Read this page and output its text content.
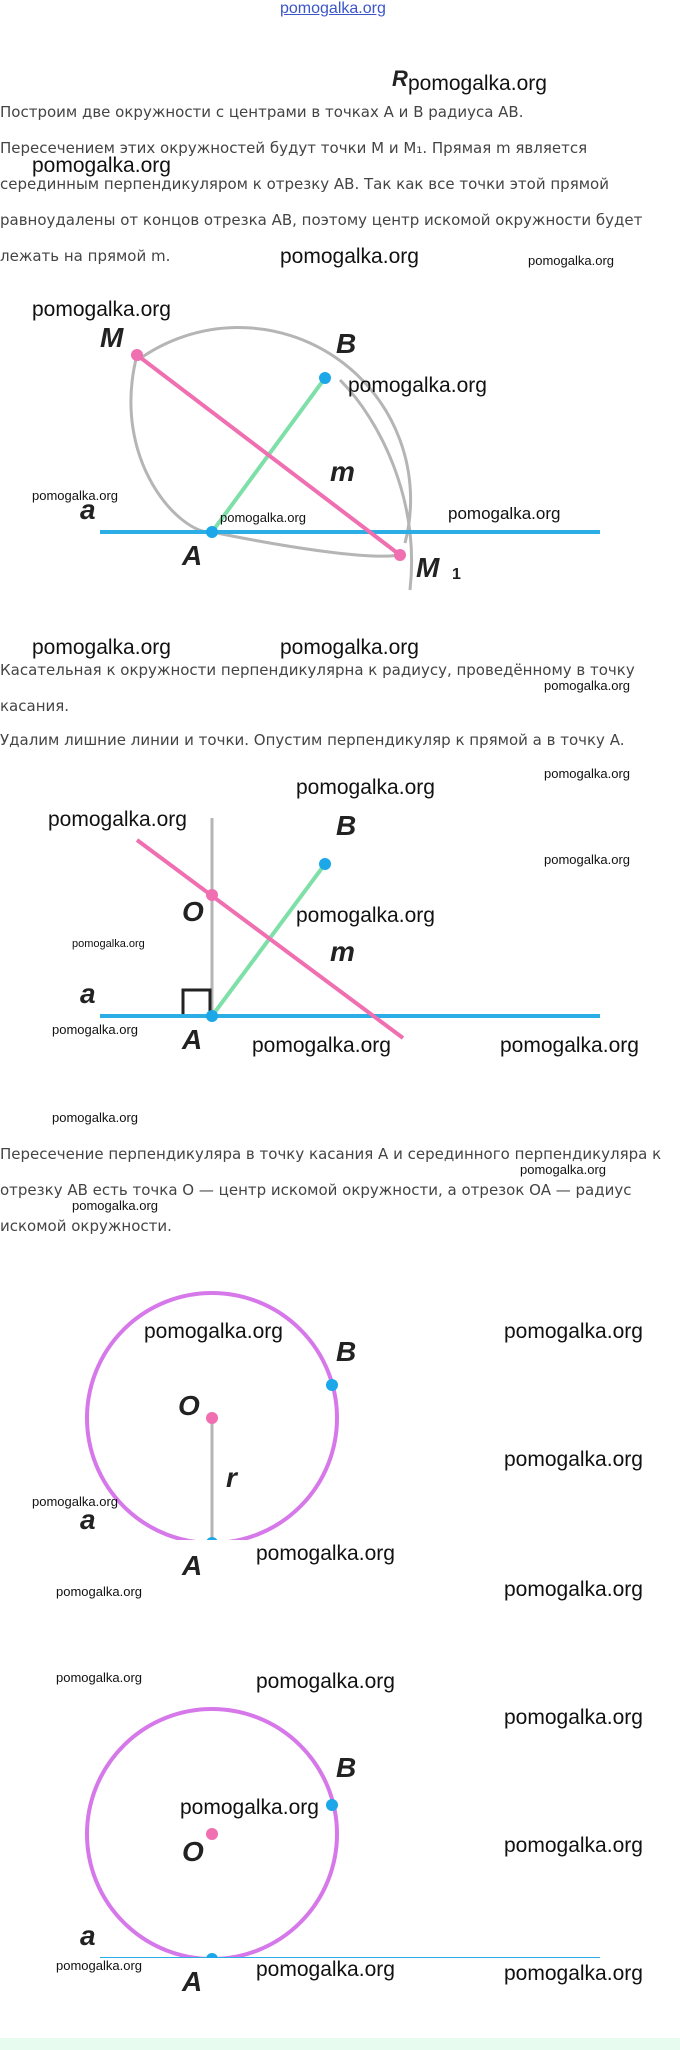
pomogalka.org
R pomogalka.org
Построим две окружности с центрами в точках A и B радиуса AB.
Пересечением этих окружностей будут точки M и M₁. Прямая m является серединным перпендикуляром к отрезку AB. Так как все точки этой прямой равноудалены от концов отрезка AB, поэтому центр искомой окружности будет лежать на прямой m.
pomogalka.org
pomogalka.org	pomogalka.org
pomogalka.org
M	B
pomogalka.org
m
pomogalka.org
a	pomogalka.org
pomogalka.org
A	M 1
pomogalka.org	pomogalka.org
Касательная к окружности перпендикулярна к радиусу, проведённому в точку касания.
pomogalka.org
Удалим лишние линии и точки. Опустим перпендикуляр к прямой a в точку A.
pomogalka.org
pomogalka.org
pomogalka.org	B
pomogalka.org
O	pomogalka.org
pomogalka.org	m
a
pomogalka.org A pomogalka.org	pomogalka.org
pomogalka.org
Пересечение перпендикуляра в точку касания A и серединного перпендикуляра к отрезку AB есть точка O — центр искомой окружности, а отрезок OA — радиус искомой окружности.
pomogalka.org
pomogalka.org
pomogalka.org	pomogalka.org
B
O
pomogalka.org
r
pomogalka.org
a
pomogalka.org
A
pomogalka.org	pomogalka.org
pomogalka.org	pomogalka.org
pomogalka.org
B
pomogalka.org
O	pomogalka.org
a
pomogalka.org	pomogalka.org	pomogalka.org
A
